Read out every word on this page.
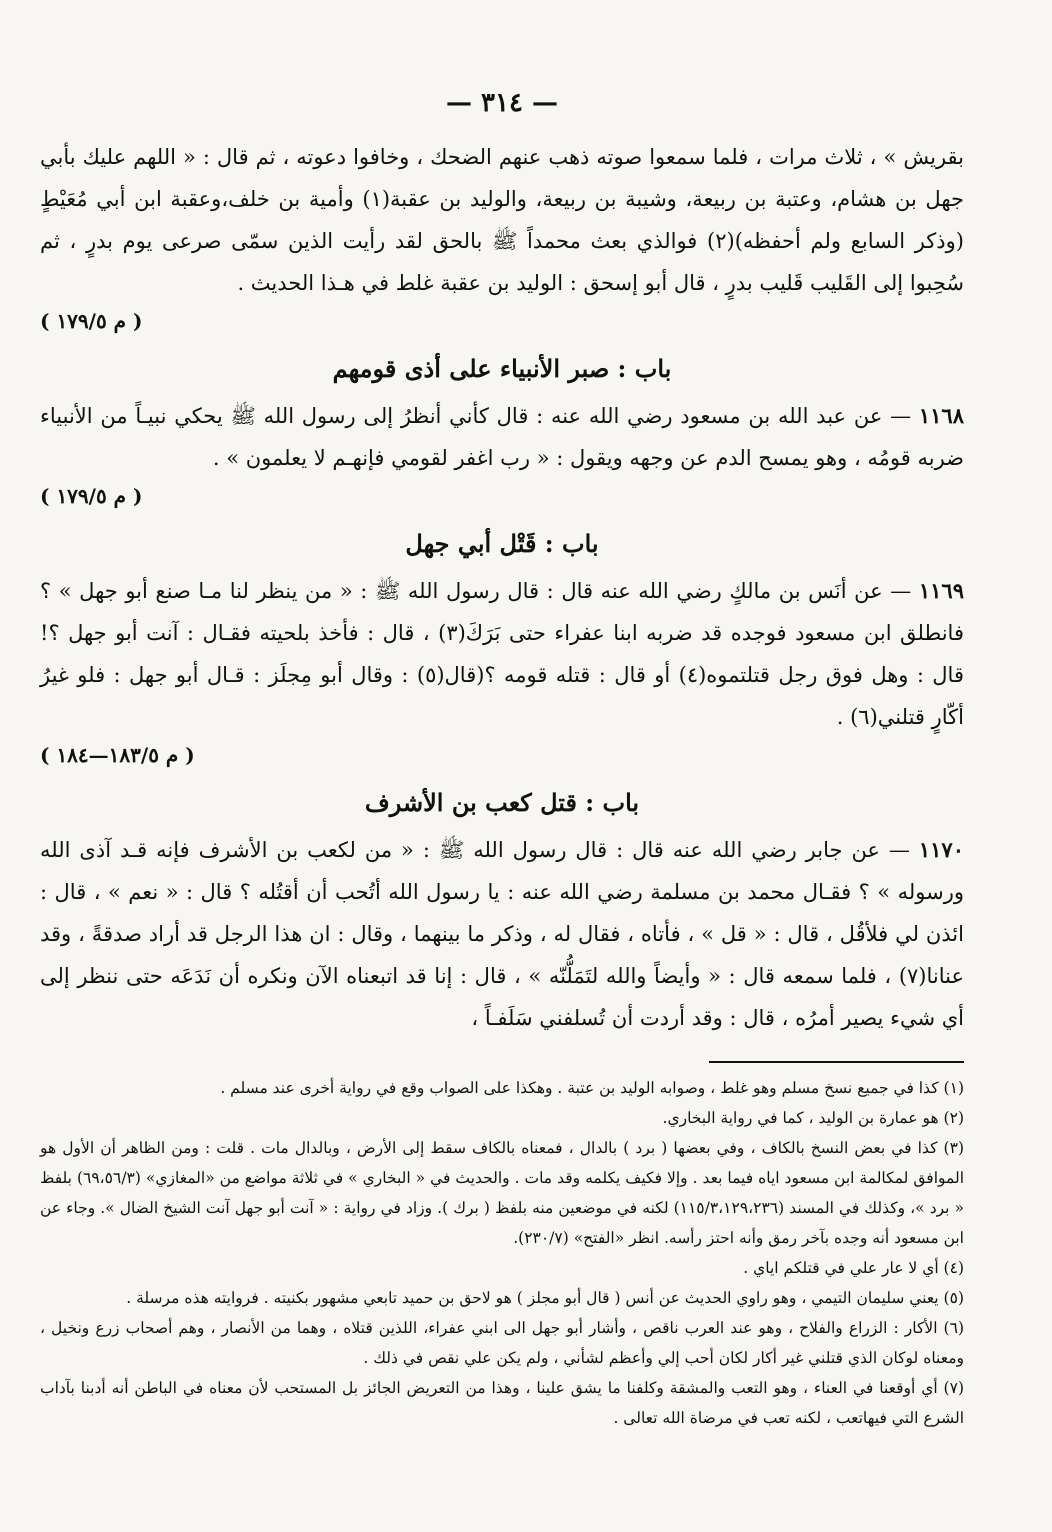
— ٣١٤ —

بقريش » ، ثلاث مرات ، فلما سمعوا صوته ذهب عنهم الضحك ، وخافوا دعوته ، ثم قال : « اللهم عليك بأبي جهل بن هشام، وعتبة بن ربيعة، وشيبة بن ربيعة، والوليد بن عقبة(١) وأمية بن خلف،وعقبة ابن أبي مُعَيْطٍ (وذكر السابع ولم أحفظه)(٢) فوالذي بعث محمداً ﷺ بالحق لقد رأيت الذين سمّى صرعى يوم بدرٍ ، ثم سُحِبوا إلى القَليب قَليب بدرٍ ، قال أبو إسحق : الوليد بن عقبة غلط في هـذا الحديث .

( م ١٧٩/٥ )
باب : صبر الأنبياء على أذى قومهم

١١٦٨ — عن عبد الله بن مسعود رضي الله عنه : قال كأني أنظرُ إلى رسول الله ﷺ يحكي نبيـاً من الأنبياء ضربه قومُه ، وهو يمسح الدم عن وجهه ويقول : « رب اغفر لقومي فإنهـم لا يعلمون » .

( م ١٧٩/٥ )
باب : قَتْل أبي جهل

١١٦٩ — عن أنَس بن مالكٍ رضي الله عنه قال : قال رسول الله ﷺ : « من ينظر لنا مـا صنع أبو جهل » ؟ فانطلق ابن مسعود فوجده قد ضربه ابنا عفراء حتى بَرَكَ(٣) ، قال : فأخذ بلحيته فقـال : آنت أبو جهل ؟! قال : وهل فوق رجل قتلتموه(٤) أو قال : قتله قومه ؟(قال(٥) : وقال أبو مِجلَز : قـال أبو جهل : فلو غيرُ أكّارٍ قتلني(٦) .

( م ١٨٣/٥—١٨٤ )
باب : قتل كعب بن الأشرف

١١٧٠ — عن جابر رضي الله عنه قال : قال رسول الله ﷺ : « من لكعب بن الأشرف فإنه قـد آذى الله ورسوله » ؟ فقـال محمد بن مسلمة رضي الله عنه : يا رسول الله أتُحب أن أقتُله ؟ قال : « نعم » ، قال : ائذن لي فلأقُل ، قال : « قل » ، فأتاه ، فقال له ، وذكر ما بينهما ، وقال : ان هذا الرجل قد أراد صدقةً ، وقد عنانا(٧) ، فلما سمعه قال : « وأيضاً والله لتَمَلُّنّه » ، قال : إنا قد اتبعناه الآن ونكره أن نَدَعَه حتى ننظر إلى أي شيء يصير أمرُه ، قال : وقد أردت أن تُسلفني سَلَفـاً ،

(١) كذا في جميع نسخ مسلم وهو غلط ، وصوابه الوليد بن عتبة . وهكذا على الصواب وقع في رواية أخرى عند مسلم .

(٢) هو عمارة بن الوليد ، كما في رواية البخاري.

(٣) كذا في بعض النسخ بالكاف ، وفي بعضها ( برد ) بالدال ، فمعناه بالكاف سقط إلى الأرض ، وبالدال مات . قلت : ومن الظاهر أن الأول هو الموافق لمكالمة ابن مسعود اياه فيما بعد . وإلا فكيف يكلمه وقد مات . والحديث في « البخاري » في ثلاثة مواضع من «المغازي» (٦٩،٥٦/٣) بلفظ « برد »، وكذلك في المسند (١١٥/٣،١٢٩،٢٣٦) لكنه في موضعين منه بلفظ ( برك ). وزاد في رواية : « آنت أبو جهل آنت الشيخ الضال ». وجاء عن ابن مسعود أنه وجده بآخر رمق وأنه احتز رأسه. انظر «الفتح» (٢٣٠/٧).

(٤) أي لا عار علي في قتلكم اياي .

(٥) يعني سليمان التيمي ، وهو راوي الحديث عن أنس ( قال أبو مجلز ) هو لاحق بن حميد تابعي مشهور بكنيته . فروايته هذه مرسلة .

(٦) الأكار : الزراع والفلاح ، وهو عند العرب ناقص ، وأشار أبو جهل الى ابني عفراء، اللذين قتلاه ، وهما من الأنصار ، وهم أصحاب زرع ونخيل ، ومعناه لوكان الذي قتلني غير أكار لكان أحب إلي وأعظم لشأني ، ولم يكن علي نقص في ذلك .

(٧) أي أوقعنا في العناء ، وهو التعب والمشقة وكلفنا ما يشق علينا ، وهذا من التعريض الجائز بل المستحب لأن معناه في الباطن أنه أدبنا بآداب الشرع التي فيهاتعب ، لكنه تعب في مرضاة الله تعالى .
